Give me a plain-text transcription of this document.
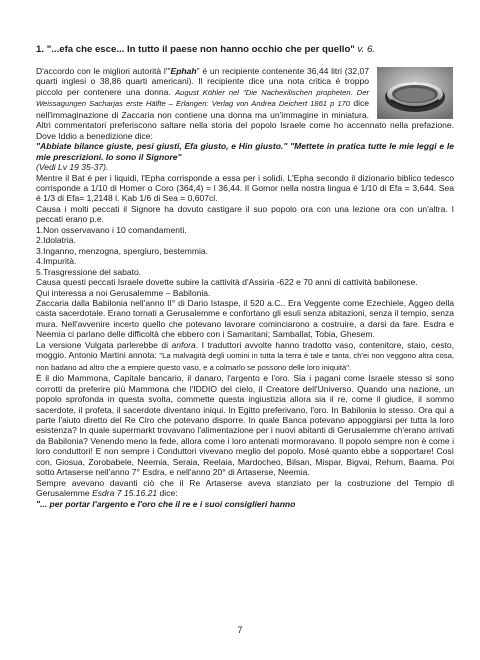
1. "...efa che esce... In tutto il paese non hanno occhio che per quello" v. 6.

D'accordo con le migliori autorità l'"Ephah" é un recipiente contenente 36,44 litri (32,07 quarti inglesi o 38,86 quarti americani). Il recipiente dice una nota critica é troppo piccolo per contenere una donna. August Köhler nel "Die Nachexilischen propheten. Der Weissagungen Sacharjas erste Hälfte – Erlangen: Verlag von Andrea Deichert 1861 p 170 dice nell'immaginazione di Zaccaria non contiene una donna ma un'immagine in miniatura. Altri commentatori preferiscono saltare nella storia del popolo Israele come ho accennato nella prefazione. Dove Iddio a benedizione dice:

"Abbiate bilance giuste, pesi giusti, Efa giusto, e Hin giusto." "Mettete in pratica tutte le mie leggi e le mie prescrizioni. Io sono il Signore"

(Vedi Lv 19 35-37).

Mentre il Bat é per i liquidi, l'Epha corrisponde a essa per i solidi. L'Epha secondo il dizionario biblico tedesco corrisponde a 1/10 di Homer o Coro (364,4) = l 36,44. Il Gomor nella nostra lingua é 1/10 di Efa = 3,644. Sea é 1/3 di Efa= 1,2148 l. Kab 1/6 di Sea = 0,607cl.

Causa i molti peccati il Signore ha dovuto castigare il suo popolo ora con una lezione ora con un'altra. I peccati erano p.e.

1.Non osservavano i 10 comandamenti.

2.Idolatria.

3.Inganno, menzogna, spergiuro, bestemmia.

4.Impurità.

5.Trasgressione del sabato.

Causa questi peccati Israele dovette subire la cattività d'Assiria -622 e 70 anni di cattività babilonese.

Qui interessa a noi Gerusalemme – Babilonia.

Zaccaria dalla Babilonia nell'anno II° di Dario Istaspe, il 520 a.C.. Era Veggente come Ezechiele, Aggeo della casta sacerdotale. Erano tornati a Gerusalemme e confortano gli esuli senza abitazioni, senza il tempio, senza mura. Nell'avvenire incerto quello che potevano lavorare cominciarono a costruire, a darsi da fare. Esdra e Neemia ci parlano delle difficoltà che ebbero con i Samaritani; Samballat, Tobia, Ghesem.

La versione Vulgata parlerebbe di anfora. I traduttori avvolte hanno tradotto vaso, contenitore, staio, cesto, moggio. Antonio Martini annota: "La malvagità degli uomini in tutta la terra è tale e tanta, ch'ei non veggono altra cosa, non badano ad altro che a empiere questo vaso, e a colmarlo se possono delle loro iniquità".

È il dio Mammona, Capitale bancario, il danaro, l'argento e l'oro. Sia i pagani come Israele stesso si sono corrotti da preferire più Mammona che l'IDDIO del cielo, il Creatore dell'Universo. Quando una nazione, un popolo sprofonda in questa svolta, commette questa ingiustizia allora sia il re, come il giudice, il sommo sacerdote, il profeta, il sacerdote diventano iniqui. In Egitto preferivano, l'oro. In Babilonia lo stesso. Ora qui a parte l'aiuto diretto del Re Ciro che potevano disporre. In quale Banca potevano appoggiarsi per tutta la loro esistenza? In quale supermarkt trovavano l'alimentazione per i nuovi abitanti di Gerusalemme ch'erano arrivati da Babilonia? Venendo meno la fede, allora come i loro antenati mormoravano. Il popolo sempre non è come i loro conduttori! E non sempre i Conduttori vivevano meglio del popolo. Mosé quanto ebbe a sopportare! Così con, Giosua, Zorobabele, Neemia, Seraia, Reelaia, Mardocheo, Bilsan, Mispar, Bigvai, Rehum, Baama. Poi sotto Artaserse nell'anno 7° Esdra, e nell'anno 20° di Artaserse, Neemia.

Sempre avevano davanti ciò che il Re Artaserse aveva stanziato per la costruzione del Tempio di Gerusalemme Esdra 7 15.16.21 dice:

"... per portar l'argento e l'oro che il re e i suoi consiglieri hanno

7
